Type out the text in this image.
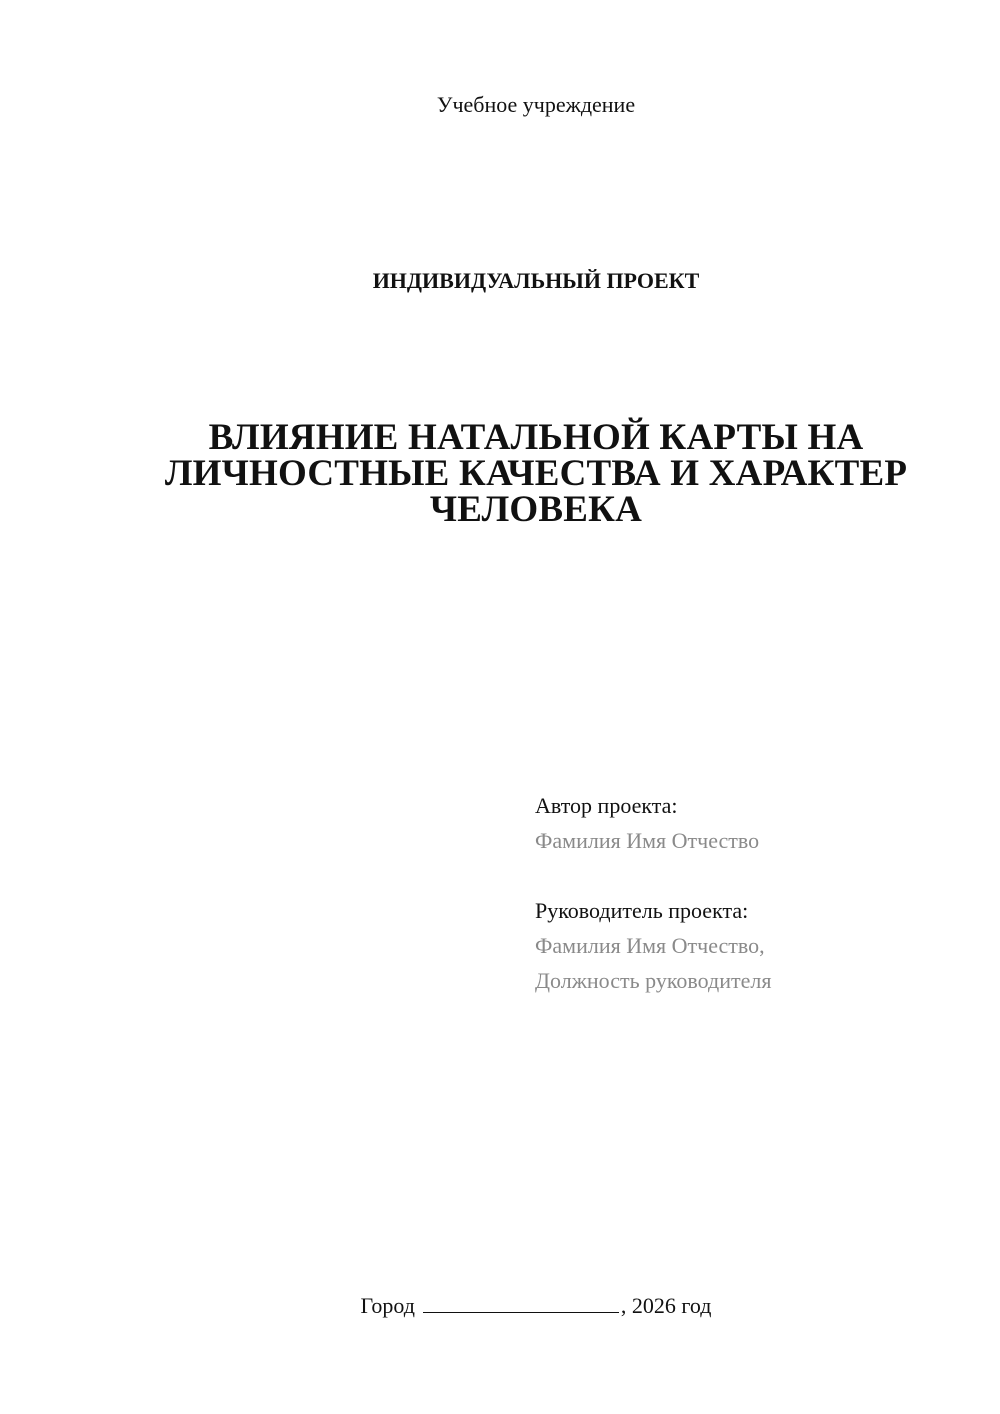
Учебное учреждение
ИНДИВИДУАЛЬНЫЙ ПРОЕКТ
ВЛИЯНИЕ НАТАЛЬНОЙ КАРТЫ НА
ЛИЧНОСТНЫЕ КАЧЕСТВА И ХАРАКТЕР
ЧЕЛОВЕКА
Автор проекта:
Фамилия Имя Отчество
Руководитель проекта:
Фамилия Имя Отчество,
Должность руководителя
Город	, 2026 год
